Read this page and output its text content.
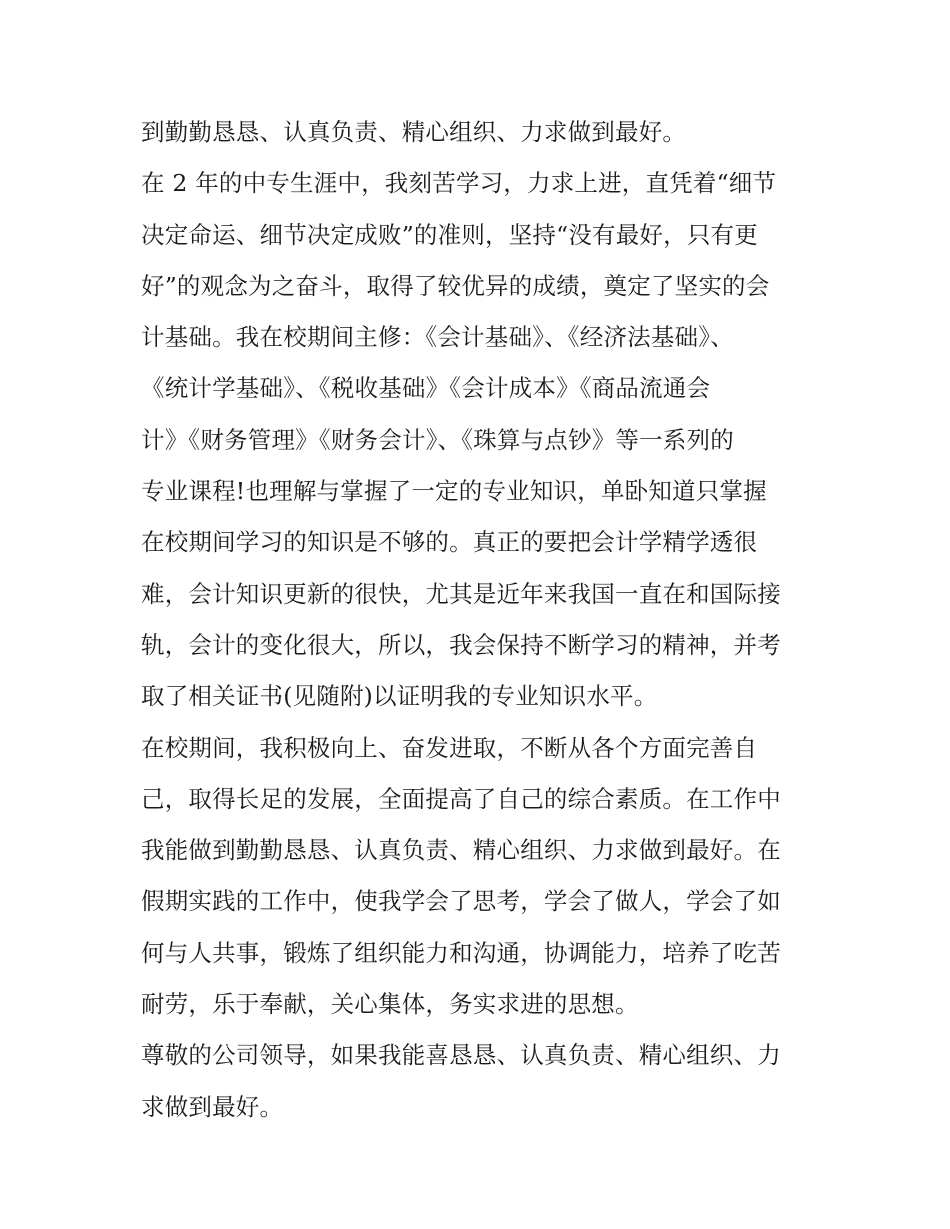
到勤勤恳恳、认真负责、精心组织、力求做到最好。
在 2 年的中专生涯中，我刻苦学习，力求上进，直凭着“细节
决定命运、细节决定成败”的准则，坚持“没有最好，只有更
好”的观念为之奋斗，取得了较优异的成绩，奠定了坚实的会
计基础。我在校期间主修：《会计基础》、《经济法基础》、
《统计学基础》、《税收基础》《会计成本》《商品流通会
计》《财务管理》《财务会计》、《珠算与点钞》等一系列的
专业课程!也理解与掌握了一定的专业知识，单卧知道只掌握
在校期间学习的知识是不够的。真正的要把会计学精学透很
难，会计知识更新的很快，尤其是近年来我国一直在和国际接
轨，会计的变化很大，所以，我会保持不断学习的精神，并考
取了相关证书(见随附)以证明我的专业知识水平。
在校期间，我积极向上、奋发进取，不断从各个方面完善自
己，取得长足的发展，全面提高了自己的综合素质。在工作中
我能做到勤勤恳恳、认真负责、精心组织、力求做到最好。在
假期实践的工作中，使我学会了思考，学会了做人，学会了如
何与人共事，锻炼了组织能力和沟通，协调能力，培养了吃苦
耐劳，乐于奉献，关心集体，务实求进的思想。
尊敬的公司领导，如果我能喜恳恳、认真负责、精心组织、力
求做到最好。
